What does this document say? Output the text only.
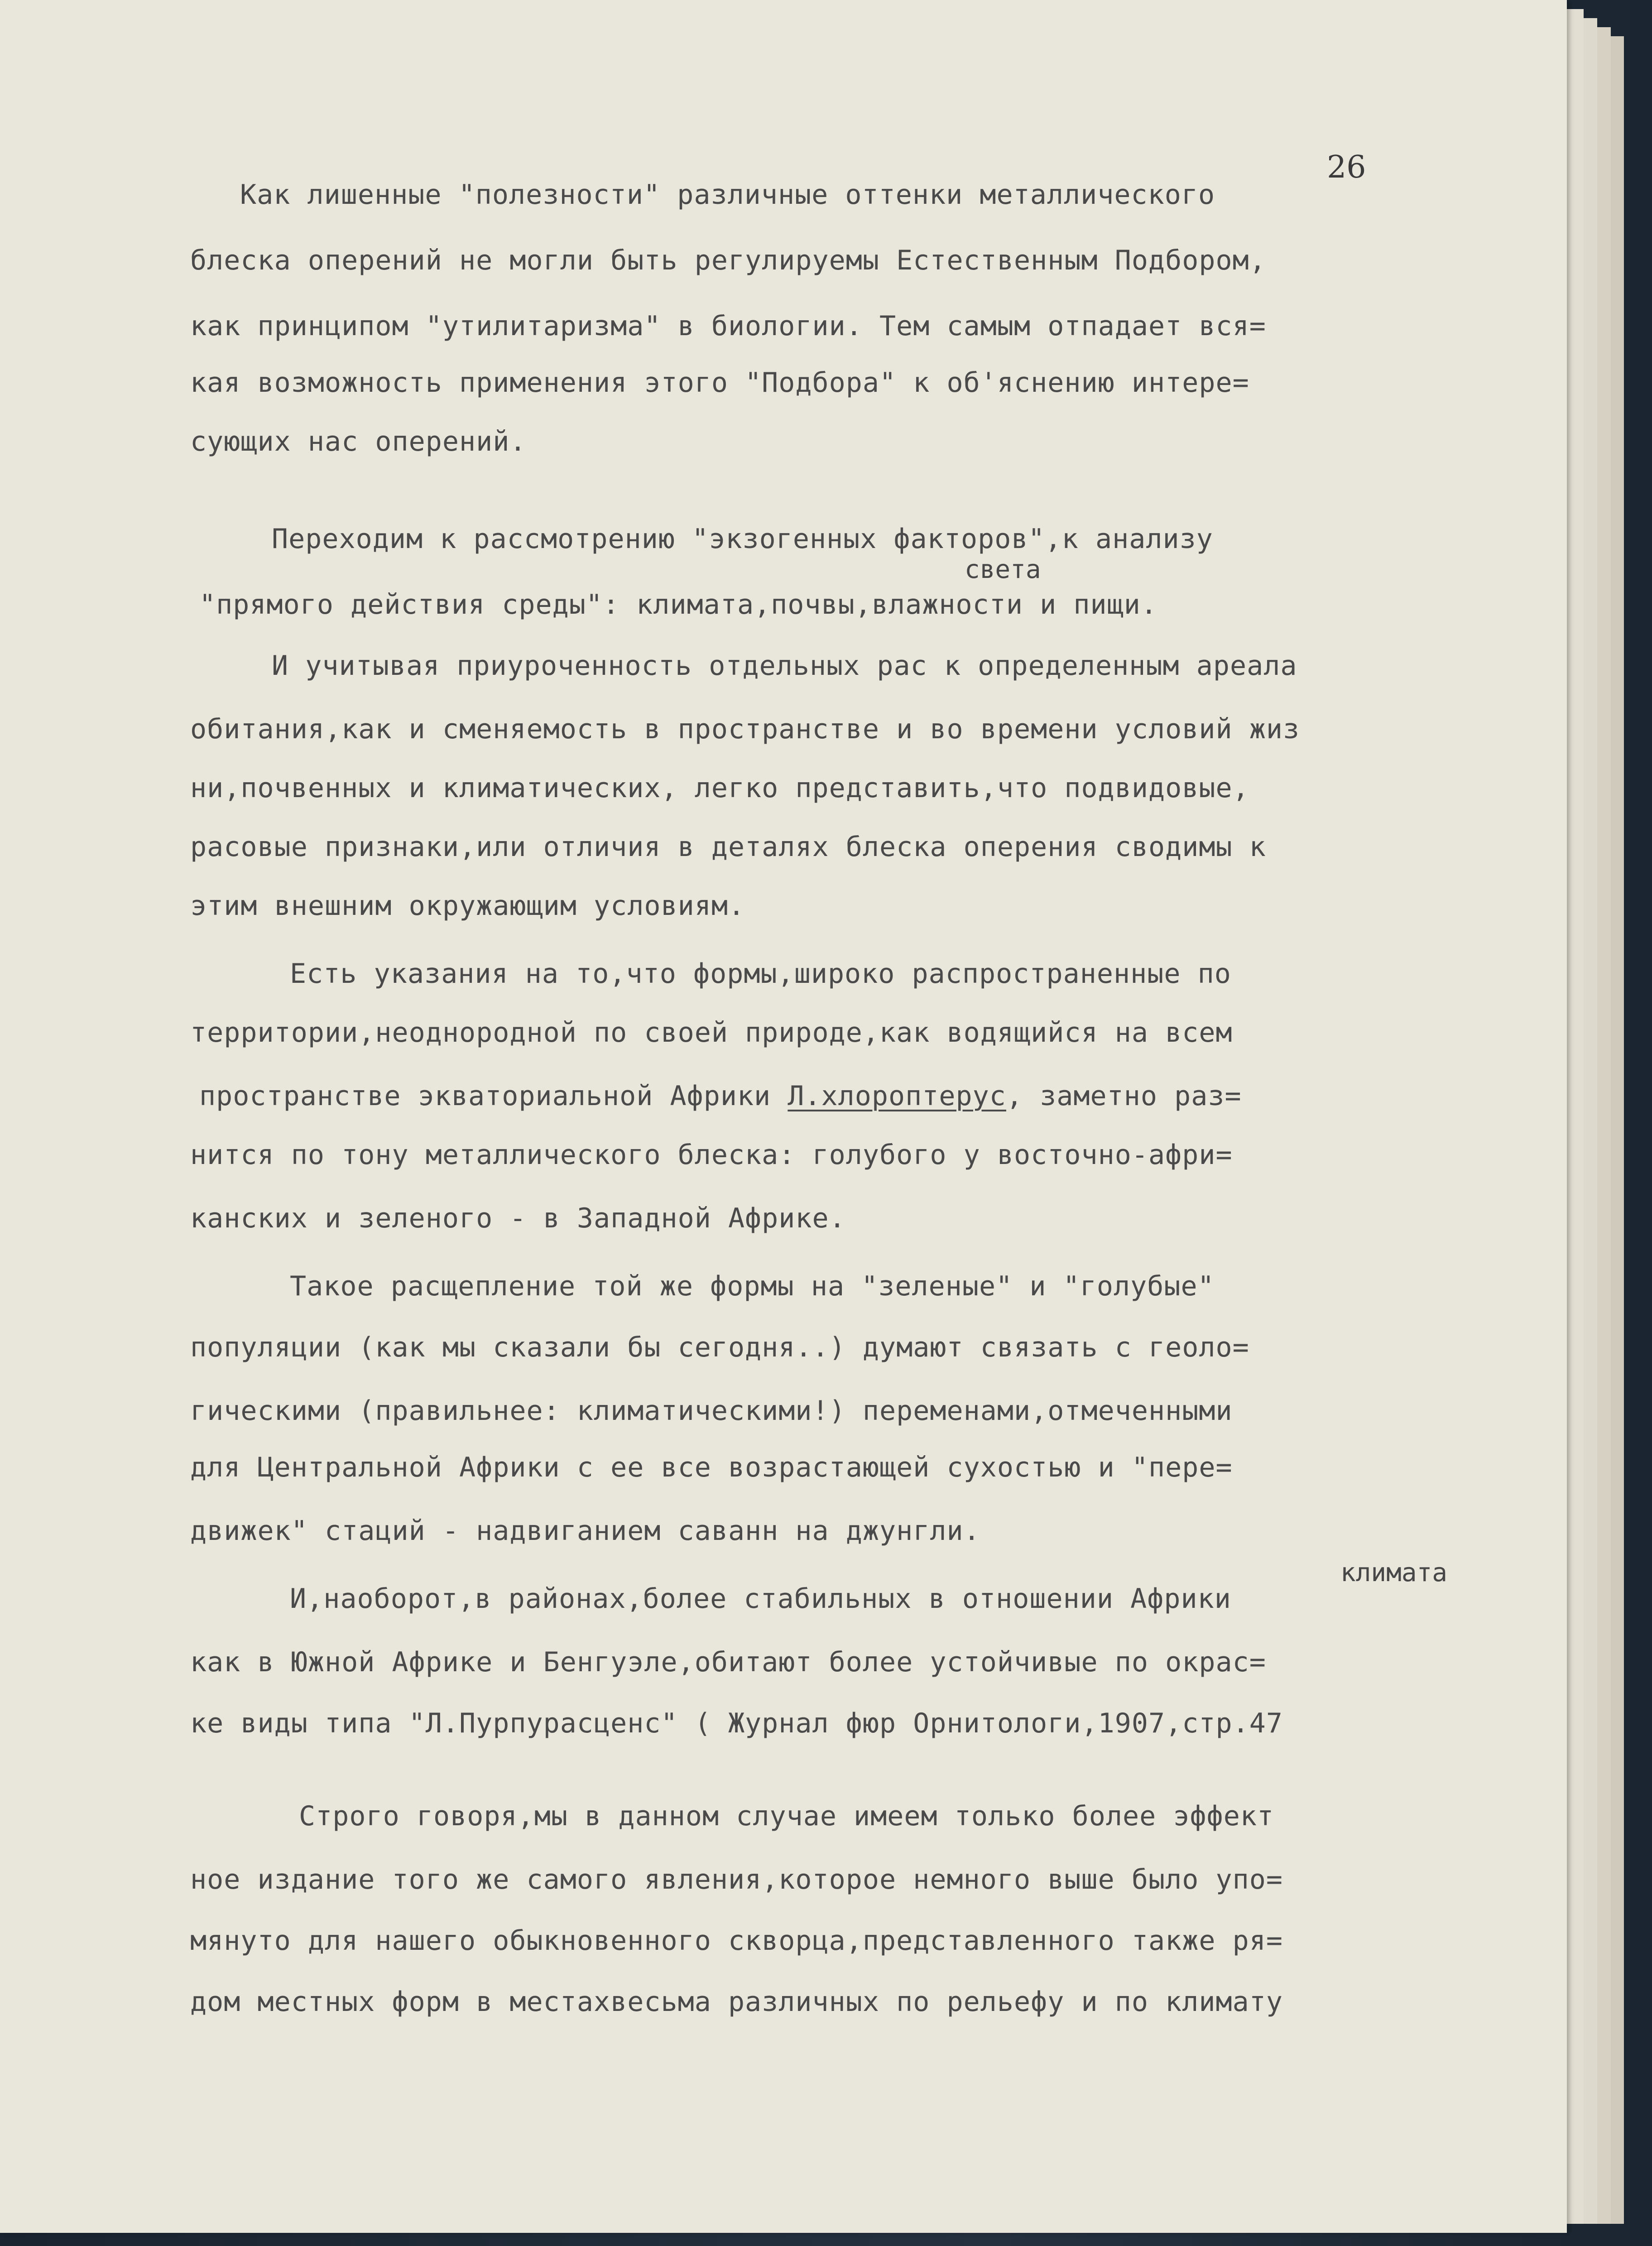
26

Как лишенные "полезности" различные оттенки металлического

блеска оперений не могли быть регулируемы Естественным Подбором,

как принципом "утилитаризма" в биологии. Тем самым отпадает вся=

кая возможность применения этого "Подбора" к об'яснению интере=

сующих нас оперений.

Переходим к рассмотрению "экзогенных факторов",к анализу

света

"прямого действия среды": климата,почвы,влажности и пищи.

И учитывая приуроченность отдельных рас к определенным ареала

обитания,как и сменяемость в пространстве и во времени условий жиз

ни,почвенных и климатических, легко представить,что подвидовые,

расовые признаки,или отличия в деталях блеска оперения сводимы к

этим внешним окружающим условиям.

Есть указания на то,что формы,широко распространенные по

территории,неоднородной по своей природе,как водящийся на всем

пространстве экваториальной Африки Л.хлороптерус, заметно раз=

нится по тону металлического блеска: голубого у восточно-афри=

канских и зеленого - в Западной Африке.

Такое расщепление той же формы на "зеленые" и "голубые"

популяции (как мы сказали бы сегодня..) думают связать с геоло=

гическими (правильнее: климатическими!) переменами,отмеченными

для Центральной Африки с ее все возрастающей сухостью и "пере=

движек" стаций - надвиганием саванн на джунгли.

климата

И,наоборот,в районах,более стабильных в отношении Африки

как в Южной Африке и Бенгуэле,обитают более устойчивые по окрас=

ке виды типа "Л.Пурпурасценс" ( Журнал фюр Орнитологи,1907,стр.47

Строго говоря,мы в данном случае имеем только более эффект

ное издание того же самого явления,которое немного выше было упо=

мянуто для нашего обыкновенного скворца,представленного также ря=

дом местных форм в местахвесьма различных по рельефу и по климату
